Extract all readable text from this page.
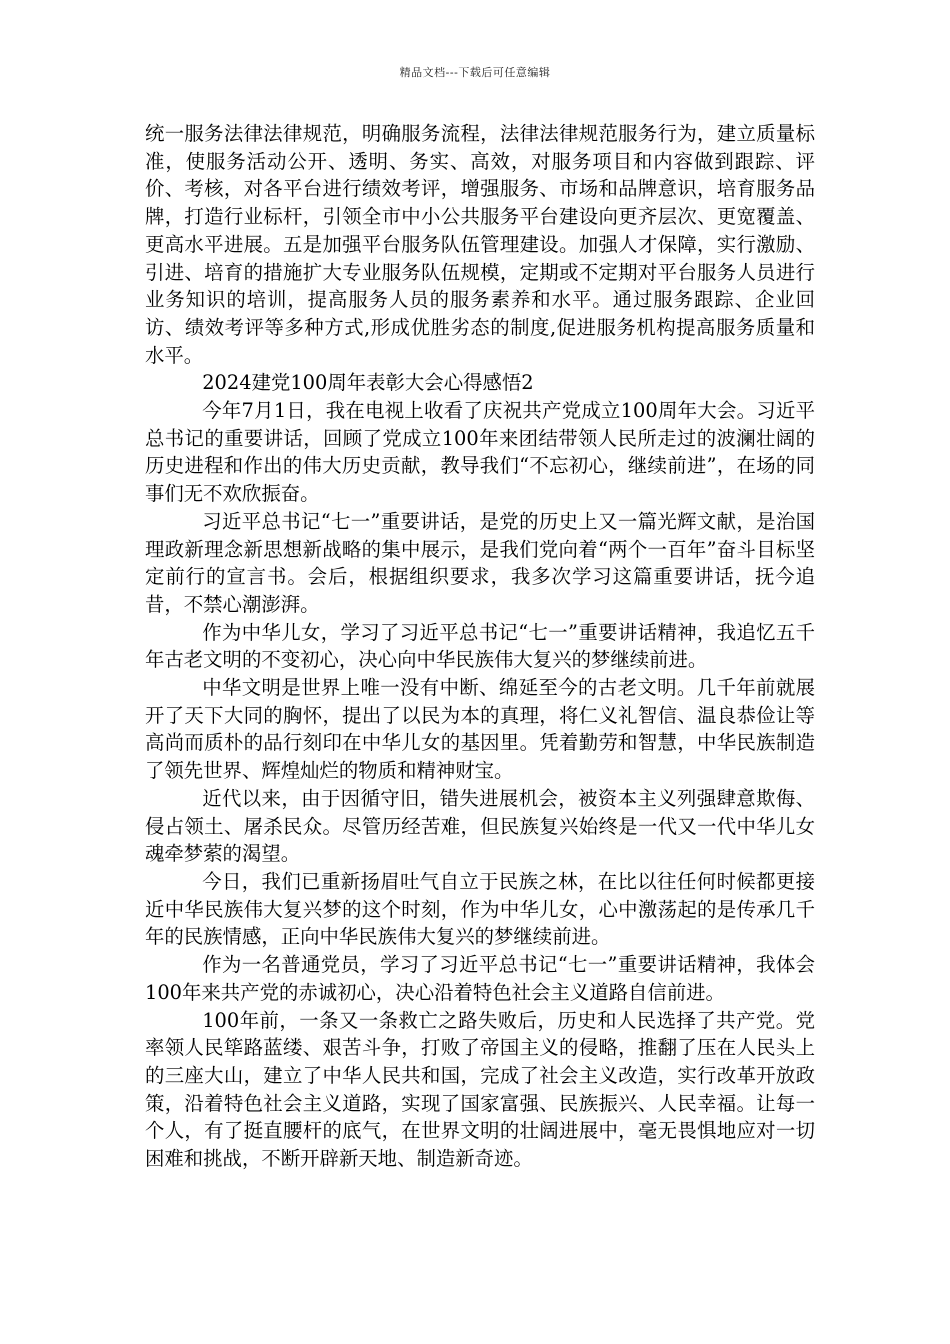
精品文档---下载后可任意编辑

统一服务法律法律规范，明确服务流程，法律法律规范服务行为，建立质量标准，使服务活动公开、透明、务实、高效，对服务项目和内容做到跟踪、评价、考核，对各平台进行绩效考评，增强服务、市场和品牌意识，培育服务品牌，打造行业标杆，引领全市中小公共服务平台建设向更齐层次、更宽覆盖、更高水平进展。五是加强平台服务队伍管理建设。加强人才保障，实行激励、引进、培育的措施扩大专业服务队伍规模，定期或不定期对平台服务人员进行业务知识的培训，提高服务人员的服务素养和水平。通过服务跟踪、企业回访、绩效考评等多种方式,形成优胜劣态的制度,促进服务机构提高服务质量和水平。

2024建党100周年表彰大会心得感悟2

今年7月1日，我在电视上收看了庆祝共产党成立100周年大会。习近平总书记的重要讲话，回顾了党成立100年来团结带领人民所走过的波澜壮阔的历史进程和作出的伟大历史贡献，教导我们“不忘初心，继续前进”，在场的同事们无不欢欣振奋。

习近平总书记“七一”重要讲话，是党的历史上又一篇光辉文献，是治国理政新理念新思想新战略的集中展示，是我们党向着“两个一百年”奋斗目标坚定前行的宣言书。会后，根据组织要求，我多次学习这篇重要讲话，抚今追昔，不禁心潮澎湃。

作为中华儿女，学习了习近平总书记“七一”重要讲话精神，我追忆五千年古老文明的不变初心，决心向中华民族伟大复兴的梦继续前进。

中华文明是世界上唯一没有中断、绵延至今的古老文明。几千年前就展开了天下大同的胸怀，提出了以民为本的真理，将仁义礼智信、温良恭俭让等高尚而质朴的品行刻印在中华儿女的基因里。凭着勤劳和智慧，中华民族制造了领先世界、辉煌灿烂的物质和精神财宝。

近代以来，由于因循守旧，错失进展机会，被资本主义列强肆意欺侮、侵占领土、屠杀民众。尽管历经苦难，但民族复兴始终是一代又一代中华儿女魂牵梦萦的渴望。

今日，我们已重新扬眉吐气自立于民族之林，在比以往任何时候都更接近中华民族伟大复兴梦的这个时刻，作为中华儿女，心中激荡起的是传承几千年的民族情感，正向中华民族伟大复兴的梦继续前进。

作为一名普通党员，学习了习近平总书记“七一”重要讲话精神，我体会100年来共产党的赤诚初心，决心沿着特色社会主义道路自信前进。

100年前，一条又一条救亡之路失败后，历史和人民选择了共产党。党率领人民筚路蓝缕、艰苦斗争，打败了帝国主义的侵略，推翻了压在人民头上的三座大山，建立了中华人民共和国，完成了社会主义改造，实行改革开放政策，沿着特色社会主义道路，实现了国家富强、民族振兴、人民幸福。让每一个人，有了挺直腰杆的底气，在世界文明的壮阔进展中，毫无畏惧地应对一切困难和挑战，不断开辟新天地、制造新奇迹。
